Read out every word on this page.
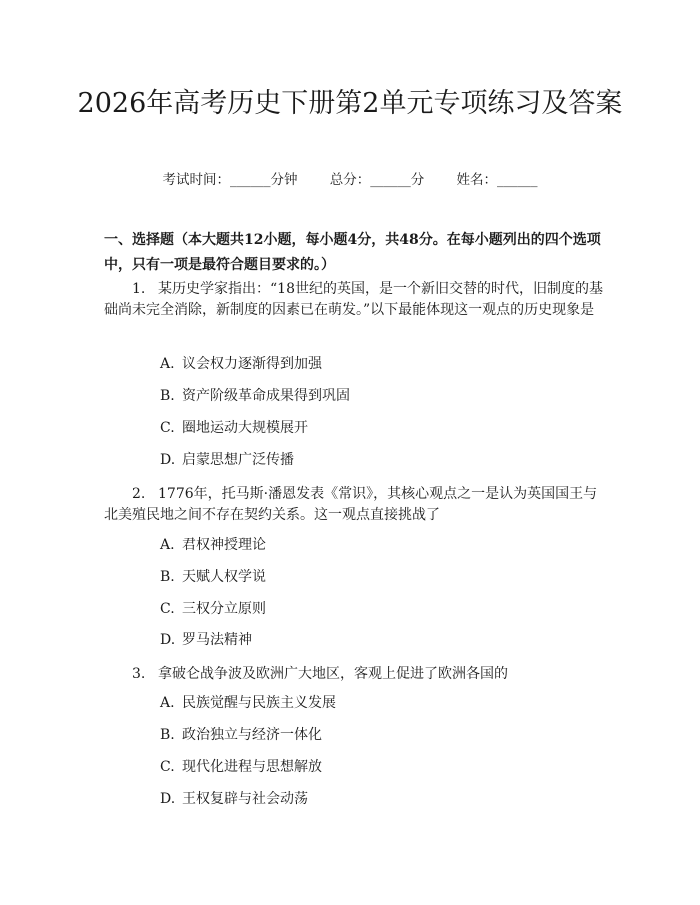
2026年高考历史下册第2单元专项练习及答案
考试时间：______分钟 总分：______分 姓名：______

一、选择题（本大题共12小题，每小题4分，共48分。在每小题列出的四个选项中，只有一项是最符合题目要求的。）

1. 某历史学家指出：“18世纪的英国，是一个新旧交替的时代，旧制度的基础尚未完全消除，新制度的因素已在萌发。”以下最能体现这一观点的历史现象是

A. 议会权力逐渐得到加强

B. 资产阶级革命成果得到巩固

C. 圈地运动大规模展开

D. 启蒙思想广泛传播

2. 1776年，托马斯·潘恩发表《常识》，其核心观点之一是认为英国国王与北美殖民地之间不存在契约关系。这一观点直接挑战了

A. 君权神授理论

B. 天赋人权学说

C. 三权分立原则

D. 罗马法精神

3. 拿破仑战争波及欧洲广大地区，客观上促进了欧洲各国的

A. 民族觉醒与民族主义发展

B. 政治独立与经济一体化

C. 现代化进程与思想解放

D. 王权复辟与社会动荡
